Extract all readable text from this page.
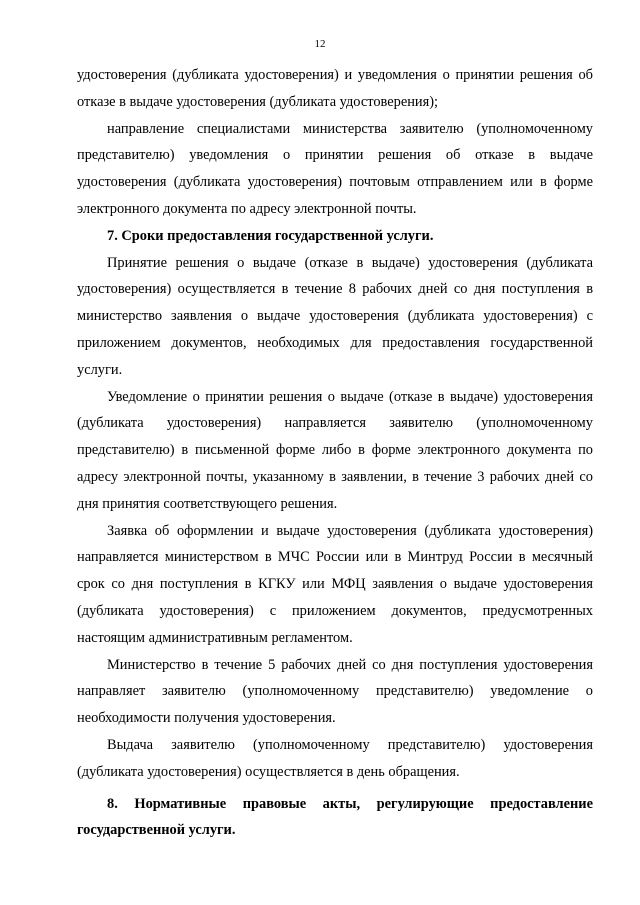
12

удостоверения (дубликата удостоверения) и уведомления о принятии решения об отказе в выдаче удостоверения (дубликата удостоверения);

направление специалистами министерства заявителю (уполномоченному представителю) уведомления о принятии решения об отказе в выдаче удостоверения (дубликата удостоверения) почтовым отправлением или в форме электронного документа по адресу электронной почты.

7. Сроки предоставления государственной услуги.

Принятие решения о выдаче (отказе в выдаче) удостоверения (дубликата удостоверения) осуществляется в течение 8 рабочих дней со дня поступления в министерство заявления о выдаче удостоверения (дубликата удостоверения) с приложением документов, необходимых для предоставления государственной услуги.

Уведомление о принятии решения о выдаче (отказе в выдаче) удостоверения (дубликата удостоверения) направляется заявителю (уполномоченному представителю) в письменной форме либо в форме электронного документа по адресу электронной почты, указанному в заявлении, в течение 3 рабочих дней со дня принятия соответствующего решения.

Заявка об оформлении и выдаче удостоверения (дубликата удостоверения) направляется министерством в МЧС России или в Минтруд России в месячный срок со дня поступления в КГКУ или МФЦ заявления о выдаче удостоверения (дубликата удостоверения) с приложением документов, предусмотренных настоящим административным регламентом.

Министерство в течение 5 рабочих дней со дня поступления удостоверения направляет заявителю (уполномоченному представителю) уведомление о необходимости получения удостоверения.

Выдача заявителю (уполномоченному представителю) удостоверения (дубликата удостоверения) осуществляется в день обращения.

8. Нормативные правовые акты, регулирующие предоставление государственной услуги.
